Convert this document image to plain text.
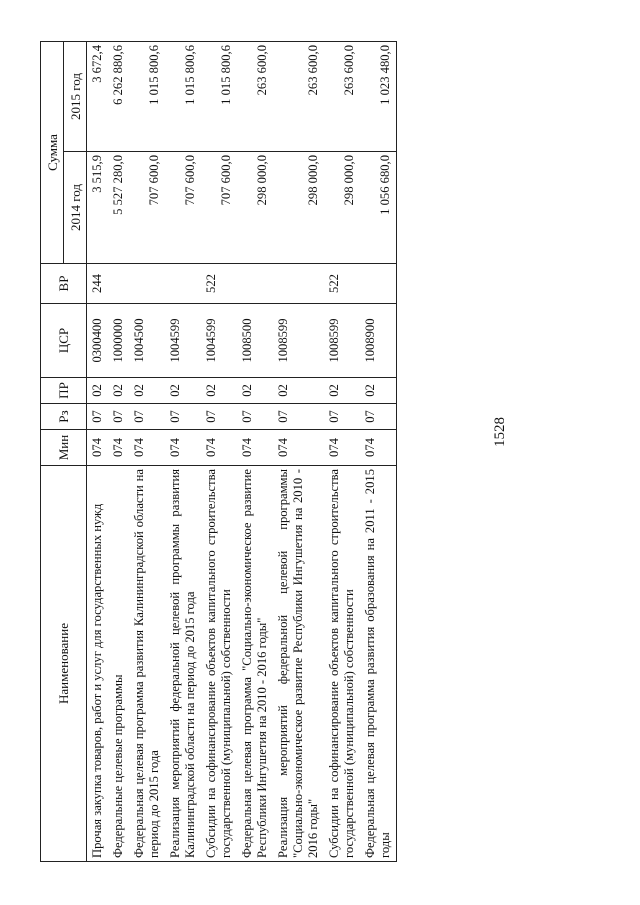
1528
Наименование	Мин	Рз	ПР	ЦСР	ВР	Сумма	
						2014 год	2015 год
Прочая закупка товаров, работ и услуг для государственных нужд	074	07	02	0300400	244	3 515,9	3 672,4
Федеральные целевые программы	074	07	02	1000000		5 527 280,0	6 262 880,6
Федеральная целевая программа развития Калининградской области на период до 2015 года	074	07	02	1004500		707 600,0	1 015 800,6
Реализация мероприятий федеральной целевой программы развития Калининградской области на период до 2015 года	074	07	02	1004599		707 600,0	1 015 800,6
Субсидии на софинансирование объектов капитального строительства государственной (муниципальной) собственности	074	07	02	1004599	522	707 600,0	1 015 800,6
Федеральная целевая программа "Социально-экономическое развитие Республики Ингушетия на 2010 - 2016 годы"	074	07	02	1008500		298 000,0	263 600,0
Реализация мероприятий федеральной целевой программы "Социально-экономическое развитие Республики Ингушетия на 2010 - 2016 годы"	074	07	02	1008599		298 000,0	263 600,0
Субсидии на софинансирование объектов капитального строительства государственной (муниципальной) собственности	074	07	02	1008599	522	298 000,0	263 600,0
Федеральная целевая программа развития образования на 2011 - 2015 годы	074	07	02	1008900		1 056 680,0	1 023 480,0
